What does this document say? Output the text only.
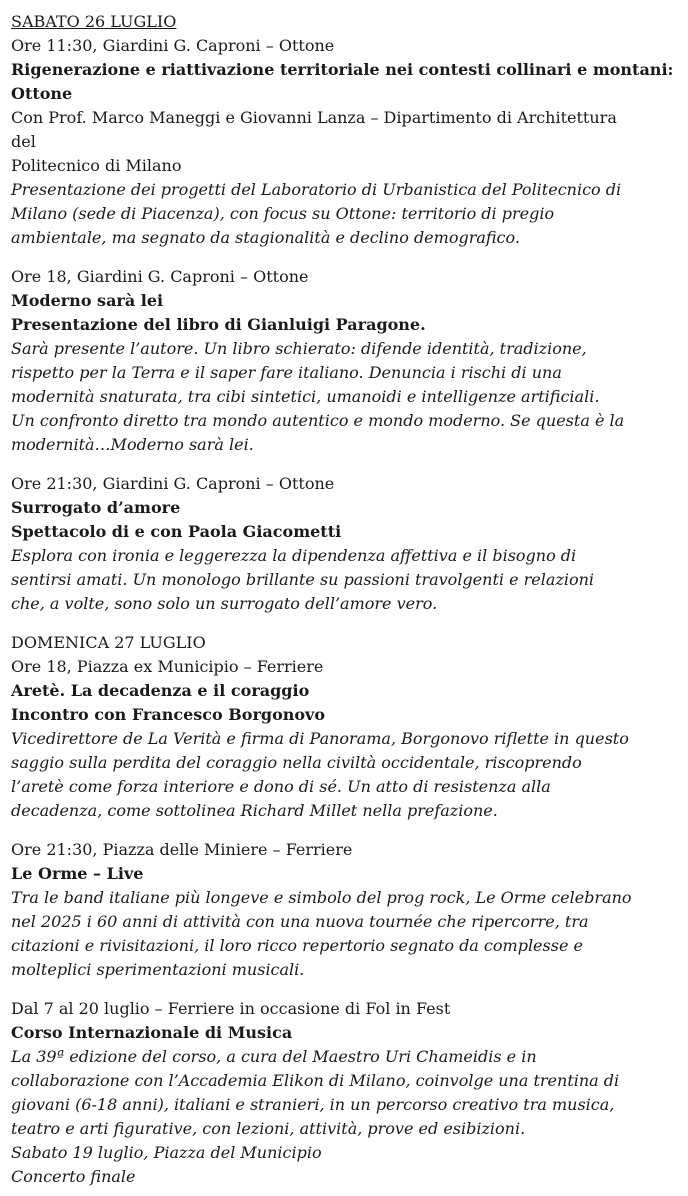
SABATO 26 LUGLIO
Ore 11:30, Giardini G. Caproni – Ottone
Rigenerazione e riattivazione territoriale nei contesti collinari e montani:
Ottone
Con Prof. Marco Maneggi e Giovanni Lanza – Dipartimento di Architettura
del
Politecnico di Milano
Presentazione dei progetti del Laboratorio di Urbanistica del Politecnico di
Milano (sede di Piacenza), con focus su Ottone: territorio di pregio
ambientale, ma segnato da stagionalità e declino demografico.
Ore 18, Giardini G. Caproni – Ottone
Moderno sarà lei
Presentazione del libro di Gianluigi Paragone.
Sarà presente l’autore. Un libro schierato: difende identità, tradizione,
rispetto per la Terra e il saper fare italiano. Denuncia i rischi di una
modernità snaturata, tra cibi sintetici, umanoidi e intelligenze artificiali.
Un confronto diretto tra mondo autentico e mondo moderno. Se questa è la
modernità…Moderno sarà lei.
Ore 21:30, Giardini G. Caproni – Ottone
Surrogato d’amore
Spettacolo di e con Paola Giacometti
Esplora con ironia e leggerezza la dipendenza affettiva e il bisogno di
sentirsi amati. Un monologo brillante su passioni travolgenti e relazioni
che, a volte, sono solo un surrogato dell’amore vero.
DOMENICA 27 LUGLIO
Ore 18, Piazza ex Municipio – Ferriere
Aretè. La decadenza e il coraggio
Incontro con Francesco Borgonovo
Vicedirettore de La Verità e firma di Panorama, Borgonovo riflette in questo
saggio sulla perdita del coraggio nella civiltà occidentale, riscoprendo
l’aretè come forza interiore e dono di sé. Un atto di resistenza alla
decadenza, come sottolinea Richard Millet nella prefazione.
Ore 21:30, Piazza delle Miniere – Ferriere
Le Orme – Live
Tra le band italiane più longeve e simbolo del prog rock, Le Orme celebrano
nel 2025 i 60 anni di attività con una nuova tournée che ripercorre, tra
citazioni e rivisitazioni, il loro ricco repertorio segnato da complesse e
molteplici sperimentazioni musicali.
Dal 7 al 20 luglio – Ferriere in occasione di Fol in Fest
Corso Internazionale di Musica
La 39ª edizione del corso, a cura del Maestro Uri Chameidis e in
collaborazione con l’Accademia Elikon di Milano, coinvolge una trentina di
giovani (6-18 anni), italiani e stranieri, in un percorso creativo tra musica,
teatro e arti figurative, con lezioni, attività, prove ed esibizioni.
Sabato 19 luglio, Piazza del Municipio
Concerto finale
